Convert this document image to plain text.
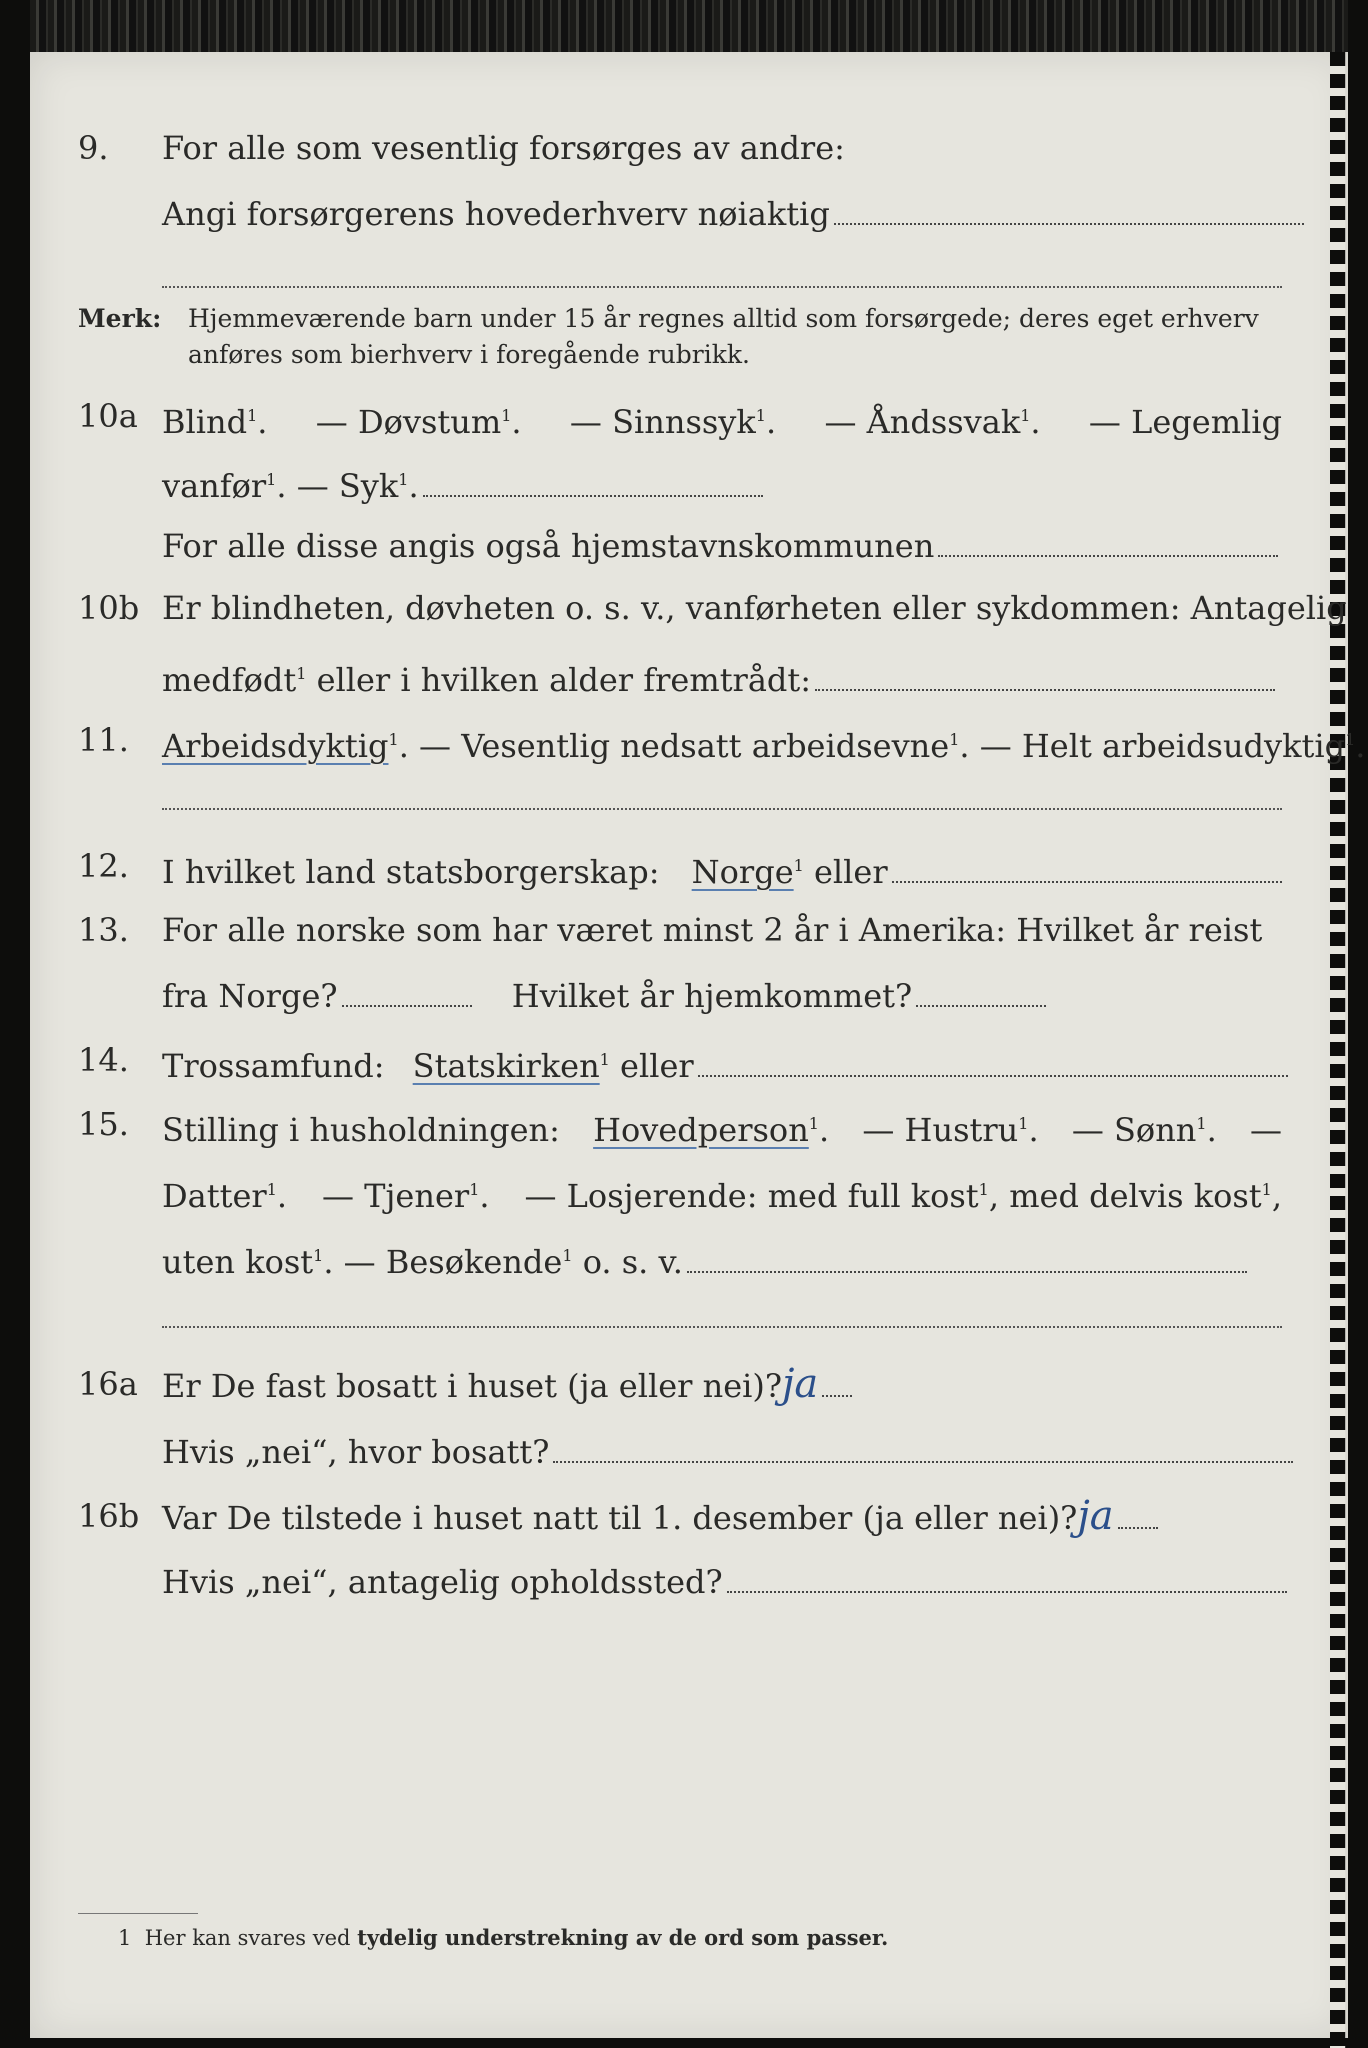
9. For alle som vesentlig forsørges av andre:
Angi forsørgerens hovederhverv nøiaktig
Merk: Hjemmeværende barn under 15 år regnes alltid som forsørgede; deres eget erhverv
anføres som bierhverv i foregående rubrikk.
10a Blind$^1$. — Døvstum$^1$. — Sinnssyk$^1$. — Åndssvak$^1$. — Legemlig
vanfør$^1$. — Syk$^1$.
For alle disse angis også hjemstavnskommunen
10b Er blindheten, døvheten o. s. v., vanførheten eller sykdommen: Antagelig
medfødt$^1$ eller i hvilken alder fremtrådt:
11. Arbeidsdyktig$^1$. — Vesentlig nedsatt arbeidsevne$^1$. — Helt arbeidsudyktig$^1$.
12. I hvilket land statsborgerskap: Norge$^1$ eller
13. For alle norske som har været minst 2 år i Amerika: Hvilket år reist
fra Norge?	Hvilket år hjemkommet?
14. Trossamfund: Statskirken$^1$ eller
15. Stilling i husholdningen: Hovedperson$^1$. — Hustru$^1$. — Sønn$^1$. —
Datter$^1$. — Tjener$^1$. — Losjerende: med full kost$^1$, med delvis kost$^1$,
uten kost$^1$. — Besøkende$^1$ o. s. v.
16a Er De fast bosatt i huset (ja eller nei)?ja
Hvis „nei“, hvor bosatt?
16b Var De tilstede i huset natt til 1. desember (ja eller nei)?ja
Hvis „nei“, antagelig opholdssted?
1 Her kan svares ved tydelig understrekning av de ord som passer.
